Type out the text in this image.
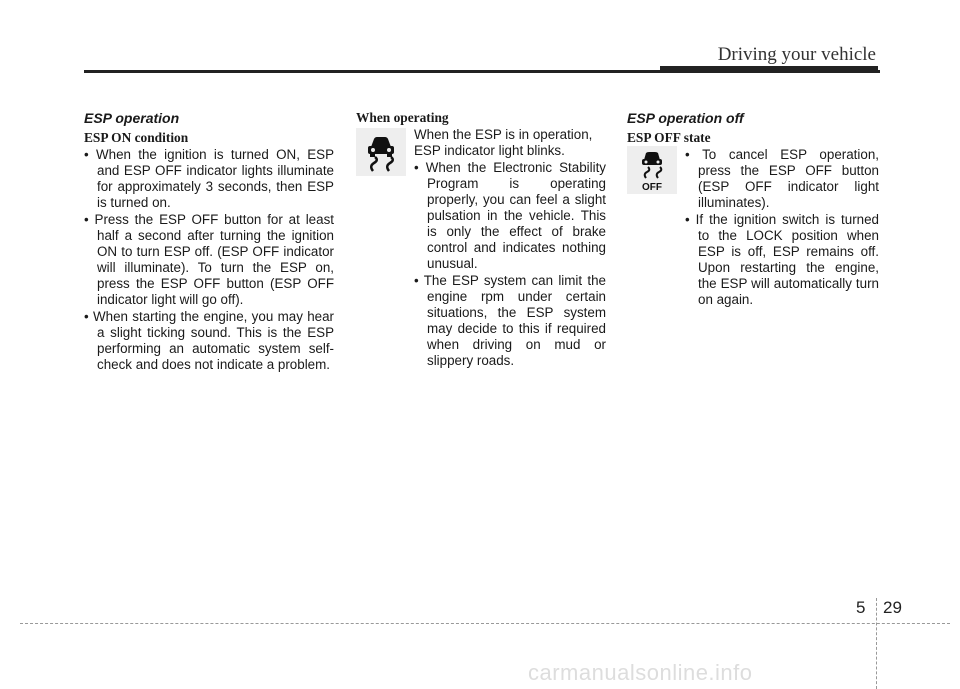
Driving your vehicle
ESP operation
ESP ON condition

• When the ignition is turned ON, ESP and ESP OFF indicator lights illuminate for approximately 3 seconds, then ESP is turned on.

• Press the ESP OFF button for at least half a second after turning the ignition ON to turn ESP off. (ESP OFF indicator will illuminate). To turn the ESP on, press the ESP OFF button (ESP OFF indicator light will go off).

• When starting the engine, you may hear a slight ticking sound. This is the ESP performing an automatic system self-check and does not indicate a problem.

When operating

When the ESP is in operation, ESP indicator light blinks.

• When the Electronic Stability Program is operating properly, you can feel a slight pulsation in the vehicle. This is only the effect of brake control and indicates nothing unusual.

• The ESP system can limit the engine rpm under certain situations, the ESP system may decide to this if required when driving on mud or slippery roads.

ESP operation off
ESP OFF state

• To cancel ESP operation, press the ESP OFF button (ESP OFF indicator light illuminates).

• If the ignition switch is turned to the LOCK position when ESP is off, ESP remains off. Upon restarting the engine, the ESP will automatically turn on again.

OFF
5 29
carmanualsonline.info
